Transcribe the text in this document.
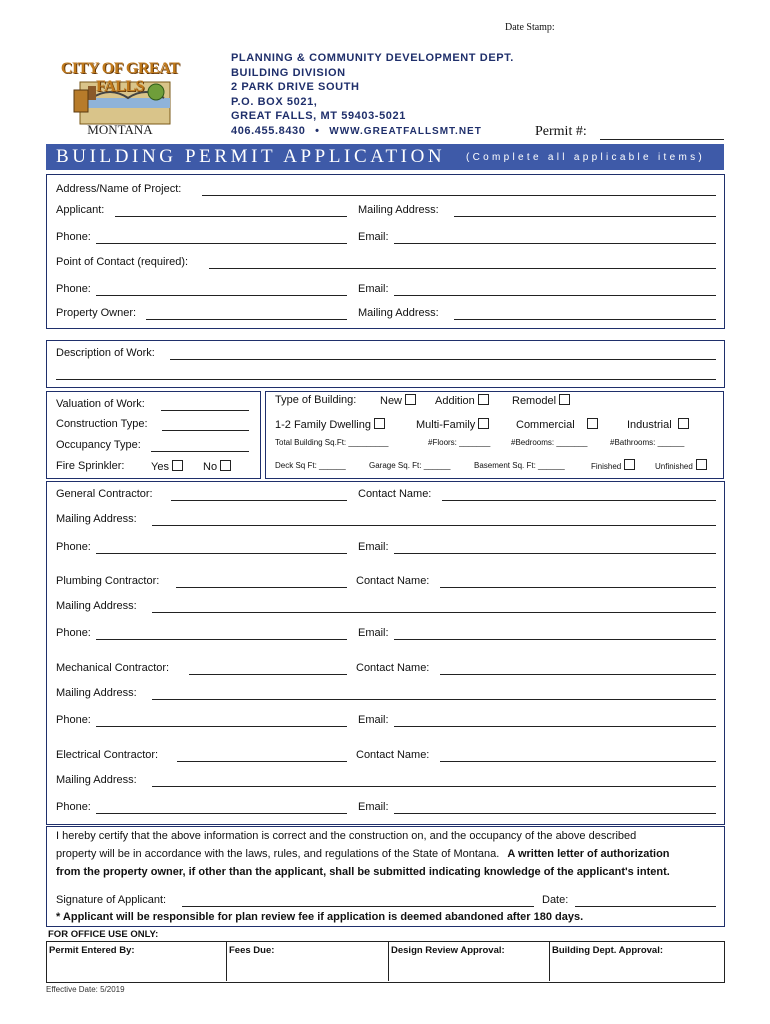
Date Stamp:
CITY OF GREAT FALLS
MONTANA
PLANNING & COMMUNITY DEVELOPMENT DEPT.
BUILDING DIVISION
2 PARK DRIVE SOUTH
P.O. BOX 5021,
GREAT FALLS, MT 59403-5021
406.455.8430 • WWW.GREATFALLSMT.NET	Permit #:
BUILDING PERMIT APPLICATION (Complete all applicable items)
Address/Name of Project:
Applicant:	Mailing Address:
Phone:	Email:
Point of Contact (required):
Phone:	Email:
Property Owner:	Mailing Address:
Description of Work:
Valuation of Work:
Construction Type:
Occupancy Type:
Fire Sprinkler: Yes	No
Type of Building: New	Addition	Remodel
1-2 Family Dwelling	Multi-Family	Commercial	Industrial
Total Building Sq.Ft: _________	#Floors: _______	#Bedrooms: _______	#Bathrooms: ______
Deck Sq Ft: ______	Garage Sq. Ft: ______	Basement Sq. Ft: ______	Finished	Unfinished
General Contractor:	Contact Name:
Mailing Address:
Phone:	Email:
Plumbing Contractor:	Contact Name:
Mailing Address:
Phone:	Email:
Mechanical Contractor:	Contact Name:
Mailing Address:
Phone:	Email:
Electrical Contractor:	Contact Name:
Mailing Address:
Phone:	Email:
I hereby certify that the above information is correct and the construction on, and the occupancy of the above described
property will be in accordance with the laws, rules, and regulations of the State of Montana. A written letter of authorization
from the property owner, if other than the applicant, shall be submitted indicating knowledge of the applicant's intent.
Signature of Applicant:	Date:
* Applicant will be responsible for plan review fee if application is deemed abandoned after 180 days.
FOR OFFICE USE ONLY:
Permit Entered By:	Fees Due:	Design Review Approval:	Building Dept. Approval:
Effective Date: 5/2019
